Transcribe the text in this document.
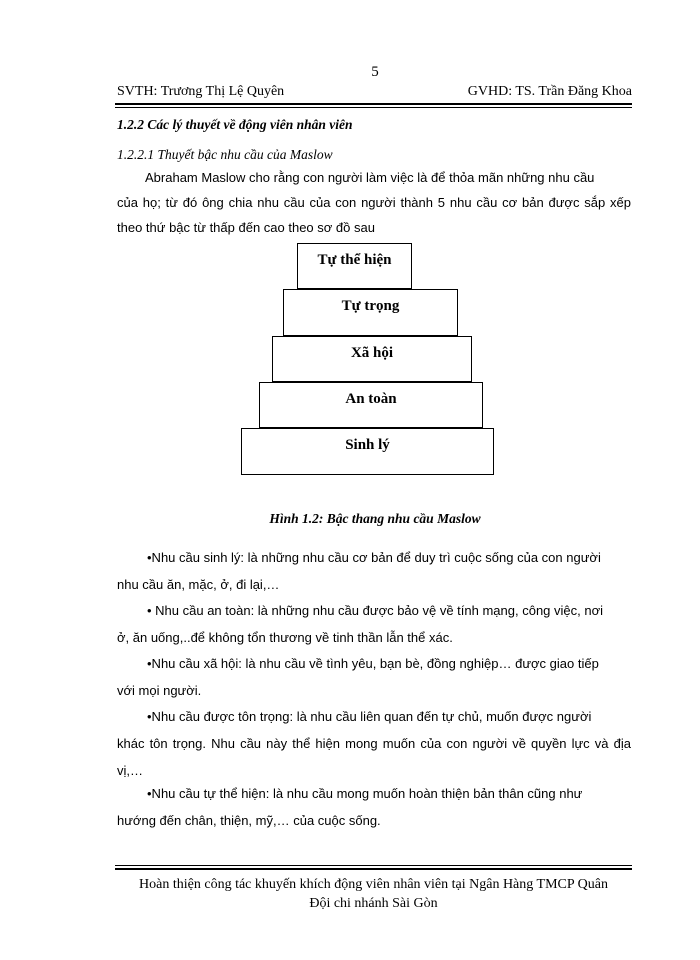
5
SVTH: Trương Thị Lệ Quyên	GVHD: TS. Trần Đăng Khoa
1.2.2 Các lý thuyết về động viên nhân viên
1.2.2.1 Thuyết bậc nhu cầu của Maslow
Abraham Maslow cho rằng con người làm việc là để thỏa mãn những nhu cầu
của họ; từ đó ông chia nhu cầu của con người thành 5 nhu cầu cơ bản được sắp xếp theo thứ bậc từ thấp đến cao theo sơ đồ sau
Tự thể hiện
Tự trọng
Xã hội
An toàn
Sinh lý
Hình 1.2: Bậc thang nhu cầu Maslow
•Nhu cầu sinh lý: là những nhu cầu cơ bản để duy trì cuộc sống của con người
nhu cầu ăn, mặc, ở, đi lại,…
• Nhu cầu an toàn: là những nhu cầu được bảo vệ về tính mạng, công việc, nơi
ở, ăn uống,..để không tổn thương về tinh thần lẫn thể xác.
•Nhu cầu xã hội: là nhu cầu về tình yêu, bạn bè, đồng nghiệp… được giao tiếp
với mọi người.
•Nhu cầu được tôn trọng: là nhu cầu liên quan đến tự chủ, muốn được người
khác tôn trọng. Nhu cầu này thể hiện mong muốn của con người về quyền lực và địa vị,…
•Nhu cầu tự thể hiện: là nhu cầu mong muốn hoàn thiện bản thân cũng như
hướng đến chân, thiện, mỹ,… của cuộc sống.
Hoàn thiện công tác khuyến khích động viên nhân viên tại Ngân Hàng TMCP Quân
Đội chi nhánh Sài Gòn
